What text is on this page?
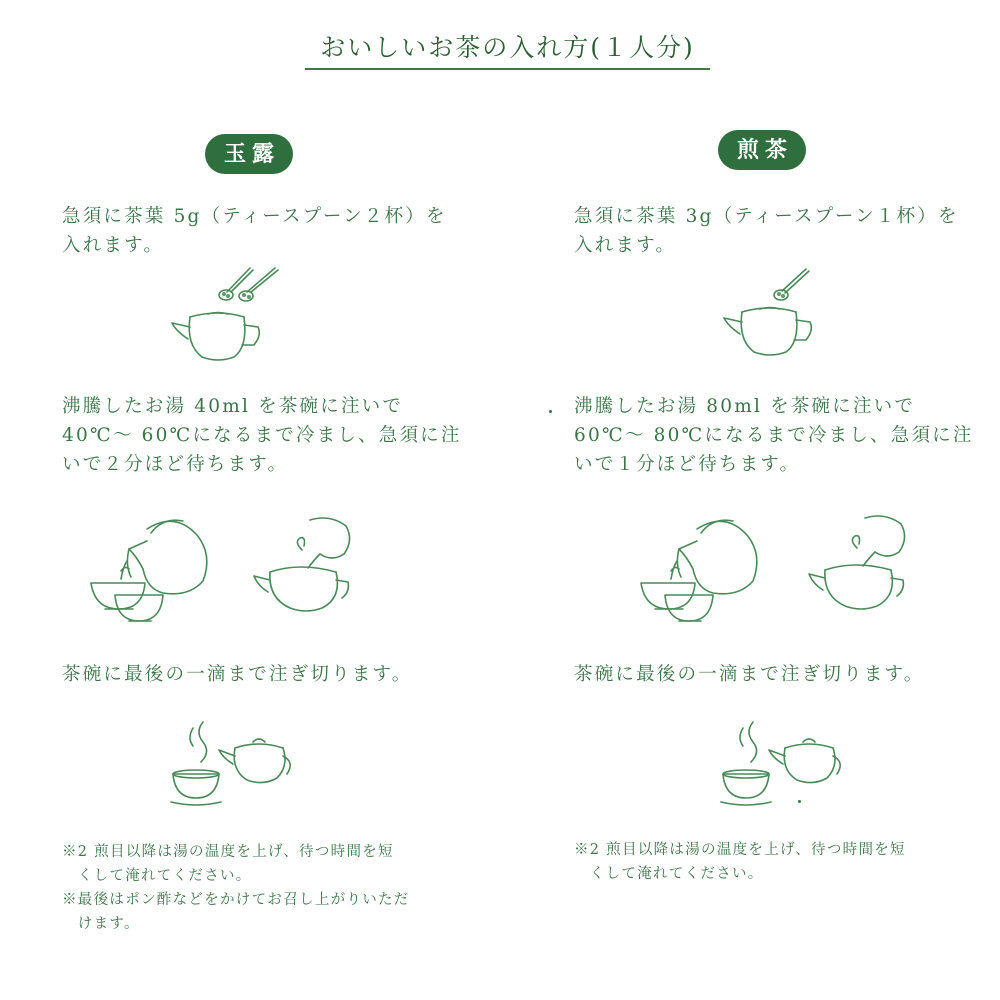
おいしいお茶の入れ方(１人分)
玉露
急須に茶葉 5g（ティースプーン２杯）を
入れます。
沸騰したお湯 40ml を茶碗に注いで
40℃～ 60℃になるまで冷まし、急須に注
いで２分ほど待ちます。
茶碗に最後の一滴まで注ぎ切ります。
※2 煎目以降は湯の温度を上げ、待つ時間を短
　くして淹れてください。
※最後はポン酢などをかけてお召し上がりいただ
　けます。
煎茶
急須に茶葉 3g（ティースプーン１杯）を
入れます。
沸騰したお湯 80ml を茶碗に注いで
60℃～ 80℃になるまで冷まし、急須に注
いで１分ほど待ちます。
茶碗に最後の一滴まで注ぎ切ります。
※2 煎目以降は湯の温度を上げ、待つ時間を短
　くして淹れてください。
